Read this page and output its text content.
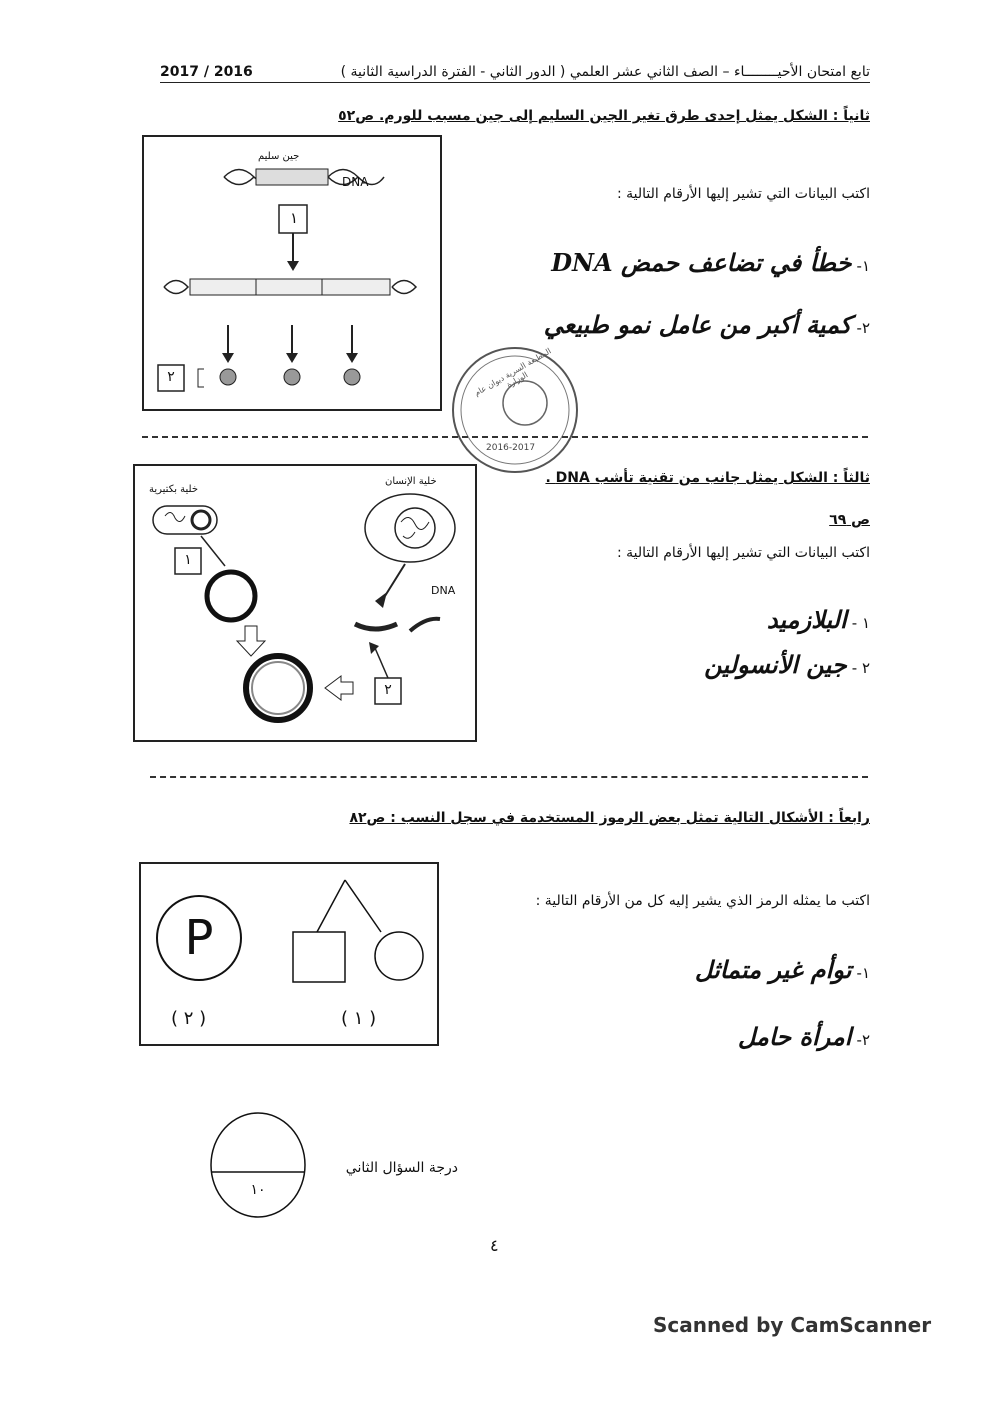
تابع امتحان الأحيــــــــاء – الصف الثاني عشر العلمي ( الدور الثاني - الفترة الدراسية الثانية )
2017 / 2016
ثانياً : الشكل يمثل إحدى طرق تغير الجين السليم إلى جين مسبب للورم. ص٥٢
جين سليم
DNA
١
٢
اكتب البيانات التي تشير إليها الأرقام التالية :
١- خطأ في تضاعف حمض DNA
٢- كمية أكبر من عامل نمو طبيعي
المطبعة السرية ديوان عام الوزارة
2016-2017
ثالثاً : الشكل يمثل جانب من تقنية تأشب DNA .
ص ٦٩
خلية بكتيرية
خلية الإنسان
DNA
١
٢
اكتب البيانات التي تشير إليها الأرقام التالية :
١ - البلازميد
٢ - جين الأنسولين
رابعاً : الأشكال التالية تمثل بعض الرموز المستخدمة في سجل النسب : ص٨٢
P
( ٢ )	( ١ )
اكتب ما يمثله الرمز الذي يشير إليه كل من الأرقام التالية :
١- توأم غير متماثل
٢- امرأة حامل
١٠
درجة السؤال الثاني
٤
Scanned by CamScanner
